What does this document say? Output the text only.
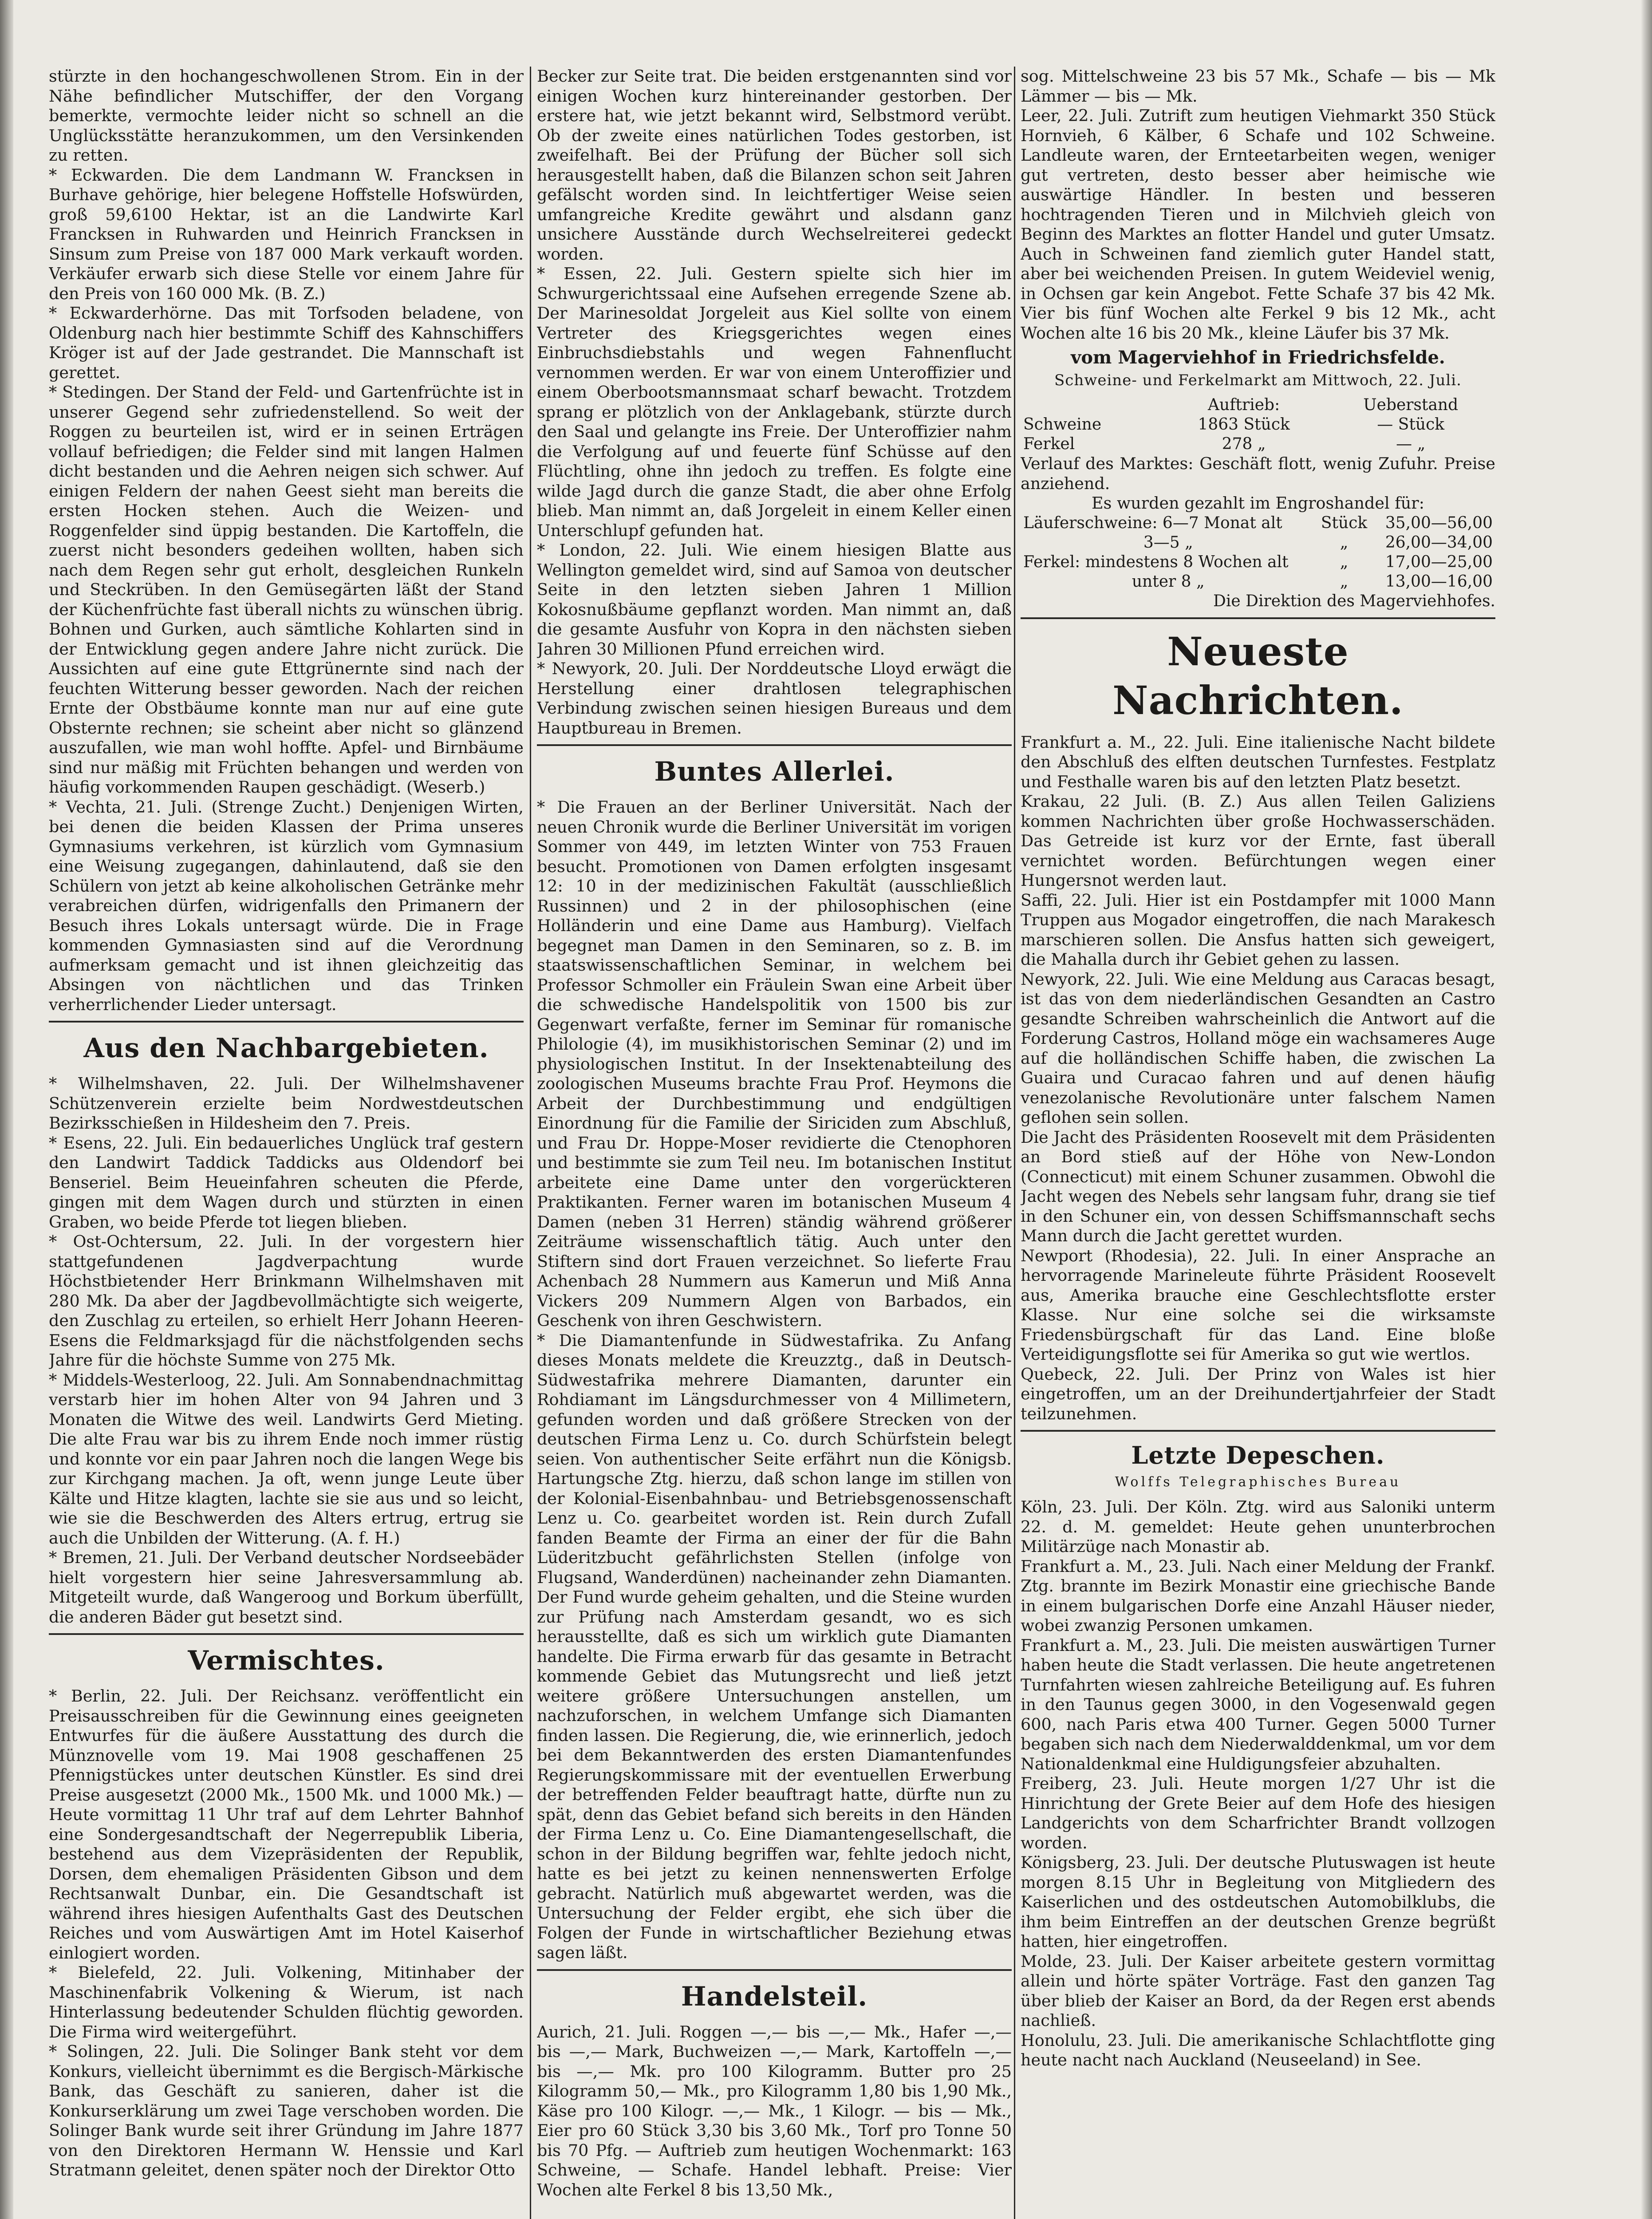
stürzte in den hochangeschwollenen Strom. Ein in der Nähe befindlicher Mutschiffer, der den Vorgang bemerkte, vermochte leider nicht so schnell an die Unglücksstätte heranzukommen, um den Versinkenden zu retten.
* Eckwarden. Die dem Landmann W. Francksen in Burhave gehörige, hier belegene Hoffstelle Hofswürden, groß 59,6100 Hektar, ist an die Landwirte Karl Francksen in Ruhwarden und Heinrich Francksen in Sinsum zum Preise von 187 000 Mark verkauft worden. Verkäufer erwarb sich diese Stelle vor einem Jahre für den Preis von 160 000 Mk. (B. Z.)
* Eckwarderhörne. Das mit Torfsoden beladene, von Oldenburg nach hier bestimmte Schiff des Kahnschiffers Kröger ist auf der Jade gestrandet. Die Mannschaft ist gerettet.
* Stedingen. Der Stand der Feld- und Gartenfrüchte ist in unserer Gegend sehr zufriedenstellend. So weit der Roggen zu beurteilen ist, wird er in seinen Erträgen vollauf befriedigen; die Felder sind mit langen Halmen dicht bestanden und die Aehren neigen sich schwer. Auf einigen Feldern der nahen Geest sieht man bereits die ersten Hocken stehen. Auch die Weizen- und Roggenfelder sind üppig bestanden. Die Kartoffeln, die zuerst nicht besonders gedeihen wollten, haben sich nach dem Regen sehr gut erholt, desgleichen Runkeln und Steckrüben. In den Gemüsegärten läßt der Stand der Küchenfrüchte fast überall nichts zu wünschen übrig. Bohnen und Gurken, auch sämtliche Kohlarten sind in der Entwicklung gegen andere Jahre nicht zurück. Die Aussichten auf eine gute Ettgrünernte sind nach der feuchten Witterung besser geworden. Nach der reichen Ernte der Obstbäume konnte man nur auf eine gute Obsternte rechnen; sie scheint aber nicht so glänzend auszufallen, wie man wohl hoffte. Apfel- und Birnbäume sind nur mäßig mit Früchten behangen und werden von häufig vorkommenden Raupen geschädigt. (Weserb.)
* Vechta, 21. Juli. (Strenge Zucht.) Denjenigen Wirten, bei denen die beiden Klassen der Prima unseres Gymnasiums verkehren, ist kürzlich vom Gymnasium eine Weisung zugegangen, dahinlautend, daß sie den Schülern von jetzt ab keine alkoholischen Getränke mehr verabreichen dürfen, widrigenfalls den Primanern der Besuch ihres Lokals untersagt würde. Die in Frage kommenden Gymnasiasten sind auf die Verordnung aufmerksam gemacht und ist ihnen gleichzeitig das Absingen von nächtlichen und das Trinken verherrlichender Lieder untersagt.

Aus den Nachbargebieten.

* Wilhelmshaven, 22. Juli. Der Wilhelmshavener Schützenverein erzielte beim Nordwestdeutschen Bezirksschießen in Hildesheim den 7. Preis.
* Esens, 22. Juli. Ein bedauerliches Unglück traf gestern den Landwirt Taddick Taddicks aus Oldendorf bei Benseriel. Beim Heueinfahren scheuten die Pferde, gingen mit dem Wagen durch und stürzten in einen Graben, wo beide Pferde tot liegen blieben.
* Ost-Ochtersum, 22. Juli. In der vorgestern hier stattgefundenen Jagdverpachtung wurde Höchstbietender Herr Brinkmann Wilhelmshaven mit 280 Mk. Da aber der Jagdbevollmächtigte sich weigerte, den Zuschlag zu erteilen, so erhielt Herr Johann Heeren-Esens die Feldmarksjagd für die nächstfolgenden sechs Jahre für die höchste Summe von 275 Mk.
* Middels-Westerloog, 22. Juli. Am Sonnabendnachmittag verstarb hier im hohen Alter von 94 Jahren und 3 Monaten die Witwe des weil. Landwirts Gerd Mieting. Die alte Frau war bis zu ihrem Ende noch immer rüstig und konnte vor ein paar Jahren noch die langen Wege bis zur Kirchgang machen. Ja oft, wenn junge Leute über Kälte und Hitze klagten, lachte sie sie aus und so leicht, wie sie die Beschwerden des Alters ertrug, ertrug sie auch die Unbilden der Witterung. (A. f. H.)
* Bremen, 21. Juli. Der Verband deutscher Nordseebäder hielt vorgestern hier seine Jahresversammlung ab. Mitgeteilt wurde, daß Wangeroog und Borkum überfüllt, die anderen Bäder gut besetzt sind.

Vermischtes.

* Berlin, 22. Juli. Der Reichsanz. veröffentlicht ein Preisausschreiben für die Gewinnung eines geeigneten Entwurfes für die äußere Ausstattung des durch die Münznovelle vom 19. Mai 1908 geschaffenen 25 Pfennigstückes unter deutschen Künstler. Es sind drei Preise ausgesetzt (2000 Mk., 1500 Mk. und 1000 Mk.) — Heute vormittag 11 Uhr traf auf dem Lehrter Bahnhof eine Sondergesandtschaft der Negerrepublik Liberia, bestehend aus dem Vizepräsidenten der Republik, Dorsen, dem ehemaligen Präsidenten Gibson und dem Rechtsanwalt Dunbar, ein. Die Gesandtschaft ist während ihres hiesigen Aufenthalts Gast des Deutschen Reiches und vom Auswärtigen Amt im Hotel Kaiserhof einlogiert worden.
* Bielefeld, 22. Juli. Volkening, Mitinhaber der Maschinenfabrik Volkening & Wierum, ist nach Hinterlassung bedeutender Schulden flüchtig geworden. Die Firma wird weitergeführt.
* Solingen, 22. Juli. Die Solinger Bank steht vor dem Konkurs, vielleicht übernimmt es die Bergisch-Märkische Bank, das Geschäft zu sanieren, daher ist die Konkurserklärung um zwei Tage verschoben worden. Die Solinger Bank wurde seit ihrer Gründung im Jahre 1877 von den Direktoren Hermann W. Henssie und Karl Stratmann geleitet, denen später noch der Direktor Otto

Becker zur Seite trat. Die beiden erstgenannten sind vor einigen Wochen kurz hintereinander gestorben. Der erstere hat, wie jetzt bekannt wird, Selbstmord verübt. Ob der zweite eines natürlichen Todes gestorben, ist zweifelhaft. Bei der Prüfung der Bücher soll sich herausgestellt haben, daß die Bilanzen schon seit Jahren gefälscht worden sind. In leichtfertiger Weise seien umfangreiche Kredite gewährt und alsdann ganz unsichere Ausstände durch Wechselreiterei gedeckt worden.
* Essen, 22. Juli. Gestern spielte sich hier im Schwurgerichtssaal eine Aufsehen erregende Szene ab. Der Marinesoldat Jorgeleit aus Kiel sollte von einem Vertreter des Kriegsgerichtes wegen eines Einbruchsdiebstahls und wegen Fahnenflucht vernommen werden. Er war von einem Unteroffizier und einem Oberbootsmannsmaat scharf bewacht. Trotzdem sprang er plötzlich von der Anklagebank, stürzte durch den Saal und gelangte ins Freie. Der Unteroffizier nahm die Verfolgung auf und feuerte fünf Schüsse auf den Flüchtling, ohne ihn jedoch zu treffen. Es folgte eine wilde Jagd durch die ganze Stadt, die aber ohne Erfolg blieb. Man nimmt an, daß Jorgeleit in einem Keller einen Unterschlupf gefunden hat.
* London, 22. Juli. Wie einem hiesigen Blatte aus Wellington gemeldet wird, sind auf Samoa von deutscher Seite in den letzten sieben Jahren 1 Million Kokosnußbäume gepflanzt worden. Man nimmt an, daß die gesamte Ausfuhr von Kopra in den nächsten sieben Jahren 30 Millionen Pfund erreichen wird.
* Newyork, 20. Juli. Der Norddeutsche Lloyd erwägt die Herstellung einer drahtlosen telegraphischen Verbindung zwischen seinen hiesigen Bureaus und dem Hauptbureau in Bremen.

Buntes Allerlei.

* Die Frauen an der Berliner Universität. Nach der neuen Chronik wurde die Berliner Universität im vorigen Sommer von 449, im letzten Winter von 753 Frauen besucht. Promotionen von Damen erfolgten insgesamt 12: 10 in der medizinischen Fakultät (ausschließlich Russinnen) und 2 in der philosophischen (eine Holländerin und eine Dame aus Hamburg). Vielfach begegnet man Damen in den Seminaren, so z. B. im staatswissenschaftlichen Seminar, in welchem bei Professor Schmoller ein Fräulein Swan eine Arbeit über die schwedische Handelspolitik von 1500 bis zur Gegenwart verfaßte, ferner im Seminar für romanische Philologie (4), im musikhistorischen Seminar (2) und im physiologischen Institut. In der Insektenabteilung des zoologischen Museums brachte Frau Prof. Heymons die Arbeit der Durchbestimmung und endgültigen Einordnung für die Familie der Siriciden zum Abschluß, und Frau Dr. Hoppe-Moser revidierte die Ctenophoren und bestimmte sie zum Teil neu. Im botanischen Institut arbeitete eine Dame unter den vorgerückteren Praktikanten. Ferner waren im botanischen Museum 4 Damen (neben 31 Herren) ständig während größerer Zeiträume wissenschaftlich tätig. Auch unter den Stiftern sind dort Frauen verzeichnet. So lieferte Frau Achenbach 28 Nummern aus Kamerun und Miß Anna Vickers 209 Nummern Algen von Barbados, ein Geschenk von ihren Geschwistern.
* Die Diamantenfunde in Südwestafrika. Zu Anfang dieses Monats meldete die Kreuzztg., daß in Deutsch-Südwestafrika mehrere Diamanten, darunter ein Rohdiamant im Längsdurchmesser von 4 Millimetern, gefunden worden und daß größere Strecken von der deutschen Firma Lenz u. Co. durch Schürfstein belegt seien. Von authentischer Seite erfährt nun die Königsb. Hartungsche Ztg. hierzu, daß schon lange im stillen von der Kolonial-Eisenbahnbau- und Betriebsgenossenschaft Lenz u. Co. gearbeitet worden ist. Rein durch Zufall fanden Beamte der Firma an einer der für die Bahn Lüderitzbucht gefährlichsten Stellen (infolge von Flugsand, Wanderdünen) nacheinander zehn Diamanten. Der Fund wurde geheim gehalten, und die Steine wurden zur Prüfung nach Amsterdam gesandt, wo es sich herausstellte, daß es sich um wirklich gute Diamanten handelte. Die Firma erwarb für das gesamte in Betracht kommende Gebiet das Mutungsrecht und ließ jetzt weitere größere Untersuchungen anstellen, um nachzuforschen, in welchem Umfange sich Diamanten finden lassen. Die Regierung, die, wie erinnerlich, jedoch bei dem Bekanntwerden des ersten Diamantenfundes Regierungskommissare mit der eventuellen Erwerbung der betreffenden Felder beauftragt hatte, dürfte nun zu spät, denn das Gebiet befand sich bereits in den Händen der Firma Lenz u. Co. Eine Diamantengesellschaft, die schon in der Bildung begriffen war, fehlte jedoch nicht, hatte es bei jetzt zu keinen nennenswerten Erfolge gebracht. Natürlich muß abgewartet werden, was die Untersuchung der Felder ergibt, ehe sich über die Folgen der Funde in wirtschaftlicher Beziehung etwas sagen läßt.

Handelsteil.

Aurich, 21. Juli. Roggen —,— bis —,— Mk., Hafer —,— bis —,— Mark, Buchweizen —,— Mark, Kartoffeln —,— bis —,— Mk. pro 100 Kilogramm. Butter pro 25 Kilogramm 50,— Mk., pro Kilogramm 1,80 bis 1,90 Mk., Käse pro 100 Kilogr. —,— Mk., 1 Kilogr. — bis — Mk., Eier pro 60 Stück 3,30 bis 3,60 Mk., Torf pro Tonne 50 bis 70 Pfg. — Auftrieb zum heutigen Wochenmarkt: 163 Schweine, — Schafe. Handel lebhaft. Preise: Vier Wochen alte Ferkel 8 bis 13,50 Mk.,

sog. Mittelschweine 23 bis 57 Mk., Schafe — bis — Mk Lämmer — bis — Mk.
Leer, 22. Juli. Zutrift zum heutigen Viehmarkt 350 Stück Hornvieh, 6 Kälber, 6 Schafe und 102 Schweine. Landleute waren, der Ernteetarbeiten wegen, weniger gut vertreten, desto besser aber heimische wie auswärtige Händler. In besten und besseren hochtragenden Tieren und in Milchvieh gleich von Beginn des Marktes an flotter Handel und guter Umsatz. Auch in Schweinen fand ziemlich guter Handel statt, aber bei weichenden Preisen. In gutem Weideviel wenig, in Ochsen gar kein Angebot. Fette Schafe 37 bis 42 Mk. Vier bis fünf Wochen alte Ferkel 9 bis 12 Mk., acht Wochen alte 16 bis 20 Mk., kleine Läufer bis 37 Mk.

vom Magerviehhof in Friedrichsfelde.
Schweine- und Ferkelmarkt am Mittwoch, 22. Juli.
	Auftrieb:	Ueberstand
Schweine	1863 Stück	— Stück
Ferkel	278 „	— „

Verlauf des Marktes: Geschäft flott, wenig Zufuhr. Preise anziehend.

Es wurden gezahlt im Engroshandel für:

Läuferschweine: 6—7 Monat alt	Stück	35,00—56,00
3—5 „	„	26,00—34,00
Ferkel: mindestens 8 Wochen alt	„	17,00—25,00
unter 8 „	„	13,00—16,00
Die Direktion des Magerviehhofes.
Neueste Nachrichten.

Frankfurt a. M., 22. Juli. Eine italienische Nacht bildete den Abschluß des elften deutschen Turnfestes. Festplatz und Festhalle waren bis auf den letzten Platz besetzt.
Krakau, 22 Juli. (B. Z.) Aus allen Teilen Galiziens kommen Nachrichten über große Hochwasserschäden. Das Getreide ist kurz vor der Ernte, fast überall vernichtet worden. Befürchtungen wegen einer Hungersnot werden laut.
Saffi, 22. Juli. Hier ist ein Postdampfer mit 1000 Mann Truppen aus Mogador eingetroffen, die nach Marakesch marschieren sollen. Die Ansfus hatten sich geweigert, die Mahalla durch ihr Gebiet gehen zu lassen.
Newyork, 22. Juli. Wie eine Meldung aus Caracas besagt, ist das von dem niederländischen Gesandten an Castro gesandte Schreiben wahrscheinlich die Antwort auf die Forderung Castros, Holland möge ein wachsameres Auge auf die holländischen Schiffe haben, die zwischen La Guaira und Curacao fahren und auf denen häufig venezolanische Revolutionäre unter falschem Namen geflohen sein sollen.
Die Jacht des Präsidenten Roosevelt mit dem Präsidenten an Bord stieß auf der Höhe von New-London (Connecticut) mit einem Schuner zusammen. Obwohl die Jacht wegen des Nebels sehr langsam fuhr, drang sie tief in den Schuner ein, von dessen Schiffsmannschaft sechs Mann durch die Jacht gerettet wurden.
Newport (Rhodesia), 22. Juli. In einer Ansprache an hervorragende Marineleute führte Präsident Roosevelt aus, Amerika brauche eine Geschlechtsflotte erster Klasse. Nur eine solche sei die wirksamste Friedensbürgschaft für das Land. Eine bloße Verteidigungsflotte sei für Amerika so gut wie wertlos.
Quebeck, 22. Juli. Der Prinz von Wales ist hier eingetroffen, um an der Dreihundertjahrfeier der Stadt teilzunehmen.

Letzte Depeschen.
Wolffs Telegraphisches Bureau

Köln, 23. Juli. Der Köln. Ztg. wird aus Saloniki unterm 22. d. M. gemeldet: Heute gehen ununterbrochen Militärzüge nach Monastir ab.
Frankfurt a. M., 23. Juli. Nach einer Meldung der Frankf. Ztg. brannte im Bezirk Monastir eine griechische Bande in einem bulgarischen Dorfe eine Anzahl Häuser nieder, wobei zwanzig Personen umkamen.
Frankfurt a. M., 23. Juli. Die meisten auswärtigen Turner haben heute die Stadt verlassen. Die heute angetretenen Turnfahrten wiesen zahlreiche Beteiligung auf. Es fuhren in den Taunus gegen 3000, in den Vogesenwald gegen 600, nach Paris etwa 400 Turner. Gegen 5000 Turner begaben sich nach dem Niederwalddenkmal, um vor dem Nationaldenkmal eine Huldigungsfeier abzuhalten.
Freiberg, 23. Juli. Heute morgen 1/27 Uhr ist die Hinrichtung der Grete Beier auf dem Hofe des hiesigen Landgerichts von dem Scharfrichter Brandt vollzogen worden.
Königsberg, 23. Juli. Der deutsche Plutuswagen ist heute morgen 8.15 Uhr in Begleitung von Mitgliedern des Kaiserlichen und des ostdeutschen Automobilklubs, die ihm beim Eintreffen an der deutschen Grenze begrüßt hatten, hier eingetroffen.
Molde, 23. Juli. Der Kaiser arbeitete gestern vormittag allein und hörte später Vorträge. Fast den ganzen Tag über blieb der Kaiser an Bord, da der Regen erst abends nachließ.
Honolulu, 23. Juli. Die amerikanische Schlachtflotte ging heute nacht nach Auckland (Neuseeland) in See.
